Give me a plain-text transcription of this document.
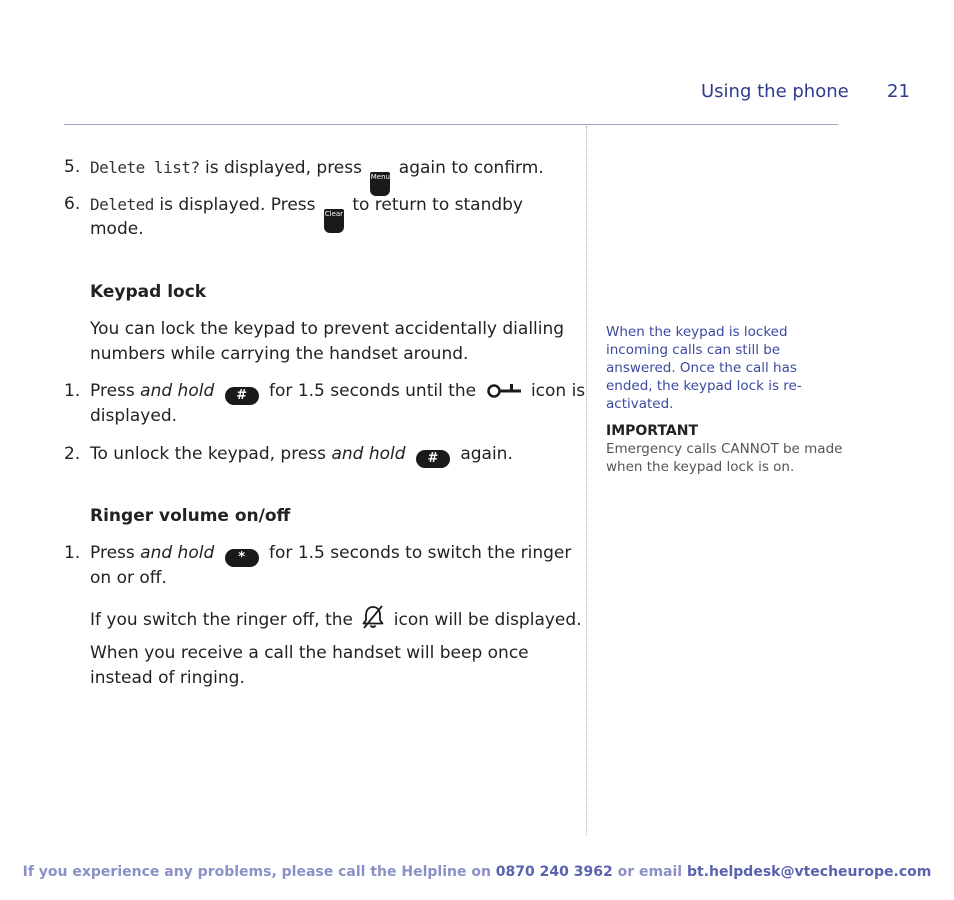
Using the phone 21
5. Delete list? is displayed, press Menu again to confirm.
6. Deleted is displayed. Press Clear to return to standby
mode.
Keypad lock
You can lock the keypad to prevent accidentally dialling
numbers while carrying the handset around.
1. Press and hold # for 1.5 seconds until the	icon is
displayed.
2. To unlock the keypad, press and hold # again.
Ringer volume on/off
1. Press and hold * for 1.5 seconds to switch the ringer
on or off.
If you switch the ringer off, the icon will be displayed.
When you receive a call the handset will beep once
instead of ringing.
When the keypad is locked
incoming calls can still be
answered. Once the call has
ended, the keypad lock is re-
activated.
IMPORTANT
Emergency calls CANNOT be made
when the keypad lock is on.
If you experience any problems, please call the Helpline on 0870 240 3962 or email bt.helpdesk@vtecheurope.com
